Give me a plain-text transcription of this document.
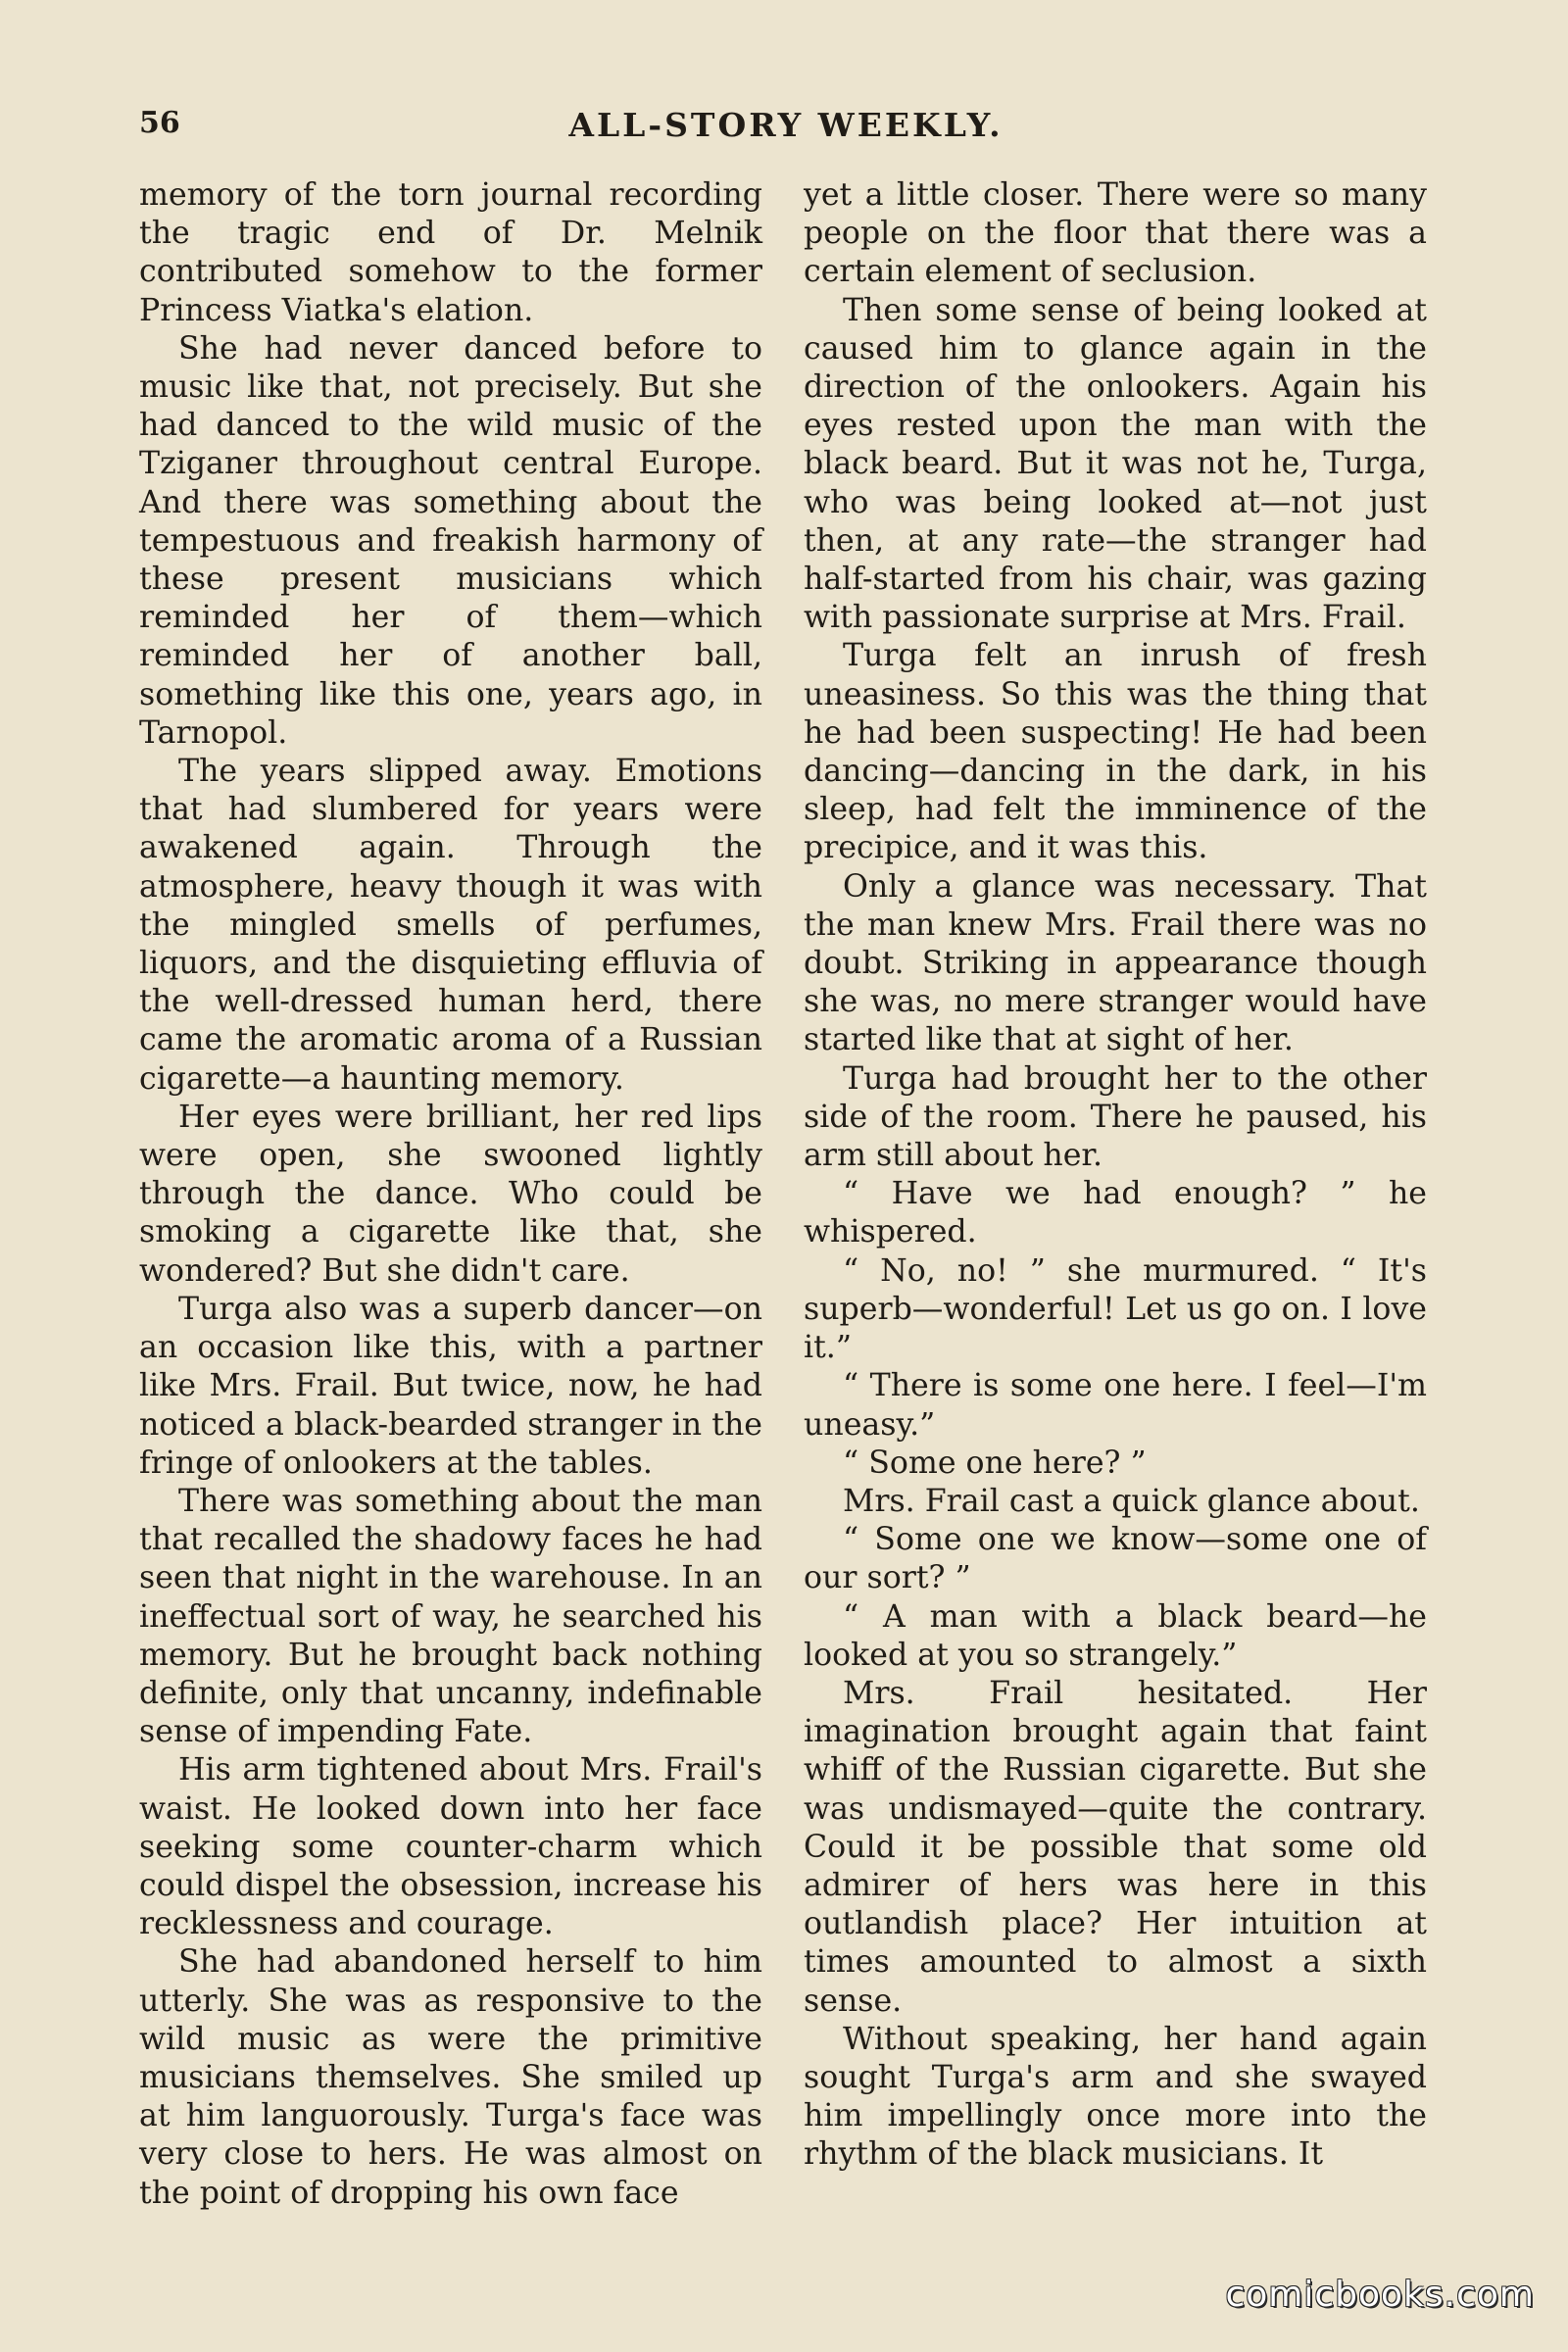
56	ALL-STORY WEEKLY.

memory of the torn journal recording the tragic end of Dr. Melnik contributed somehow to the former Princess Viatka's elation.

She had never danced before to music like that, not precisely. But she had danced to the wild music of the Tziganer throughout central Europe. And there was something about the tempestuous and freakish harmony of these present musicians which reminded her of them—which reminded her of another ball, something like this one, years ago, in Tarnopol.

The years slipped away. Emotions that had slumbered for years were awakened again. Through the atmosphere, heavy though it was with the mingled smells of perfumes, liquors, and the disquieting effluvia of the well-dressed human herd, there came the aromatic aroma of a Russian cigarette—a haunting memory.

Her eyes were brilliant, her red lips were open, she swooned lightly through the dance. Who could be smoking a cigarette like that, she wondered? But she didn't care.

Turga also was a superb dancer—on an occasion like this, with a partner like Mrs. Frail. But twice, now, he had noticed a black-bearded stranger in the fringe of onlookers at the tables.

There was something about the man that recalled the shadowy faces he had seen that night in the warehouse. In an ineffectual sort of way, he searched his memory. But he brought back nothing definite, only that uncanny, indefinable sense of impending Fate.

His arm tightened about Mrs. Frail's waist. He looked down into her face seeking some counter-charm which could dispel the obsession, increase his recklessness and courage.

She had abandoned herself to him utterly. She was as responsive to the wild music as were the primitive musicians themselves. She smiled up at him languorously. Turga's face was very close to hers. He was almost on the point of dropping his own face

yet a little closer. There were so many people on the floor that there was a certain element of seclusion.

Then some sense of being looked at caused him to glance again in the direction of the onlookers. Again his eyes rested upon the man with the black beard. But it was not he, Turga, who was being looked at—not just then, at any rate—the stranger had half-started from his chair, was gazing with passionate surprise at Mrs. Frail.

Turga felt an inrush of fresh uneasiness. So this was the thing that he had been suspecting! He had been dancing—dancing in the dark, in his sleep, had felt the imminence of the precipice, and it was this.

Only a glance was necessary. That the man knew Mrs. Frail there was no doubt. Striking in appearance though she was, no mere stranger would have started like that at sight of her.

Turga had brought her to the other side of the room. There he paused, his arm still about her.

“ Have we had enough? ” he whispered.

“ No, no! ” she murmured. “ It's superb—wonderful! Let us go on. I love it.”

“ There is some one here. I feel—I'm uneasy.”

“ Some one here? ”

Mrs. Frail cast a quick glance about.

“ Some one we know—some one of our sort? ”

“ A man with a black beard—he looked at you so strangely.”

Mrs. Frail hesitated. Her imagination brought again that faint whiff of the Russian cigarette. But she was undismayed—quite the contrary. Could it be possible that some old admirer of hers was here in this outlandish place? Her intuition at times amounted to almost a sixth sense.

Without speaking, her hand again sought Turga's arm and she swayed him impellingly once more into the rhythm of the black musicians. It

comicbooks.com
